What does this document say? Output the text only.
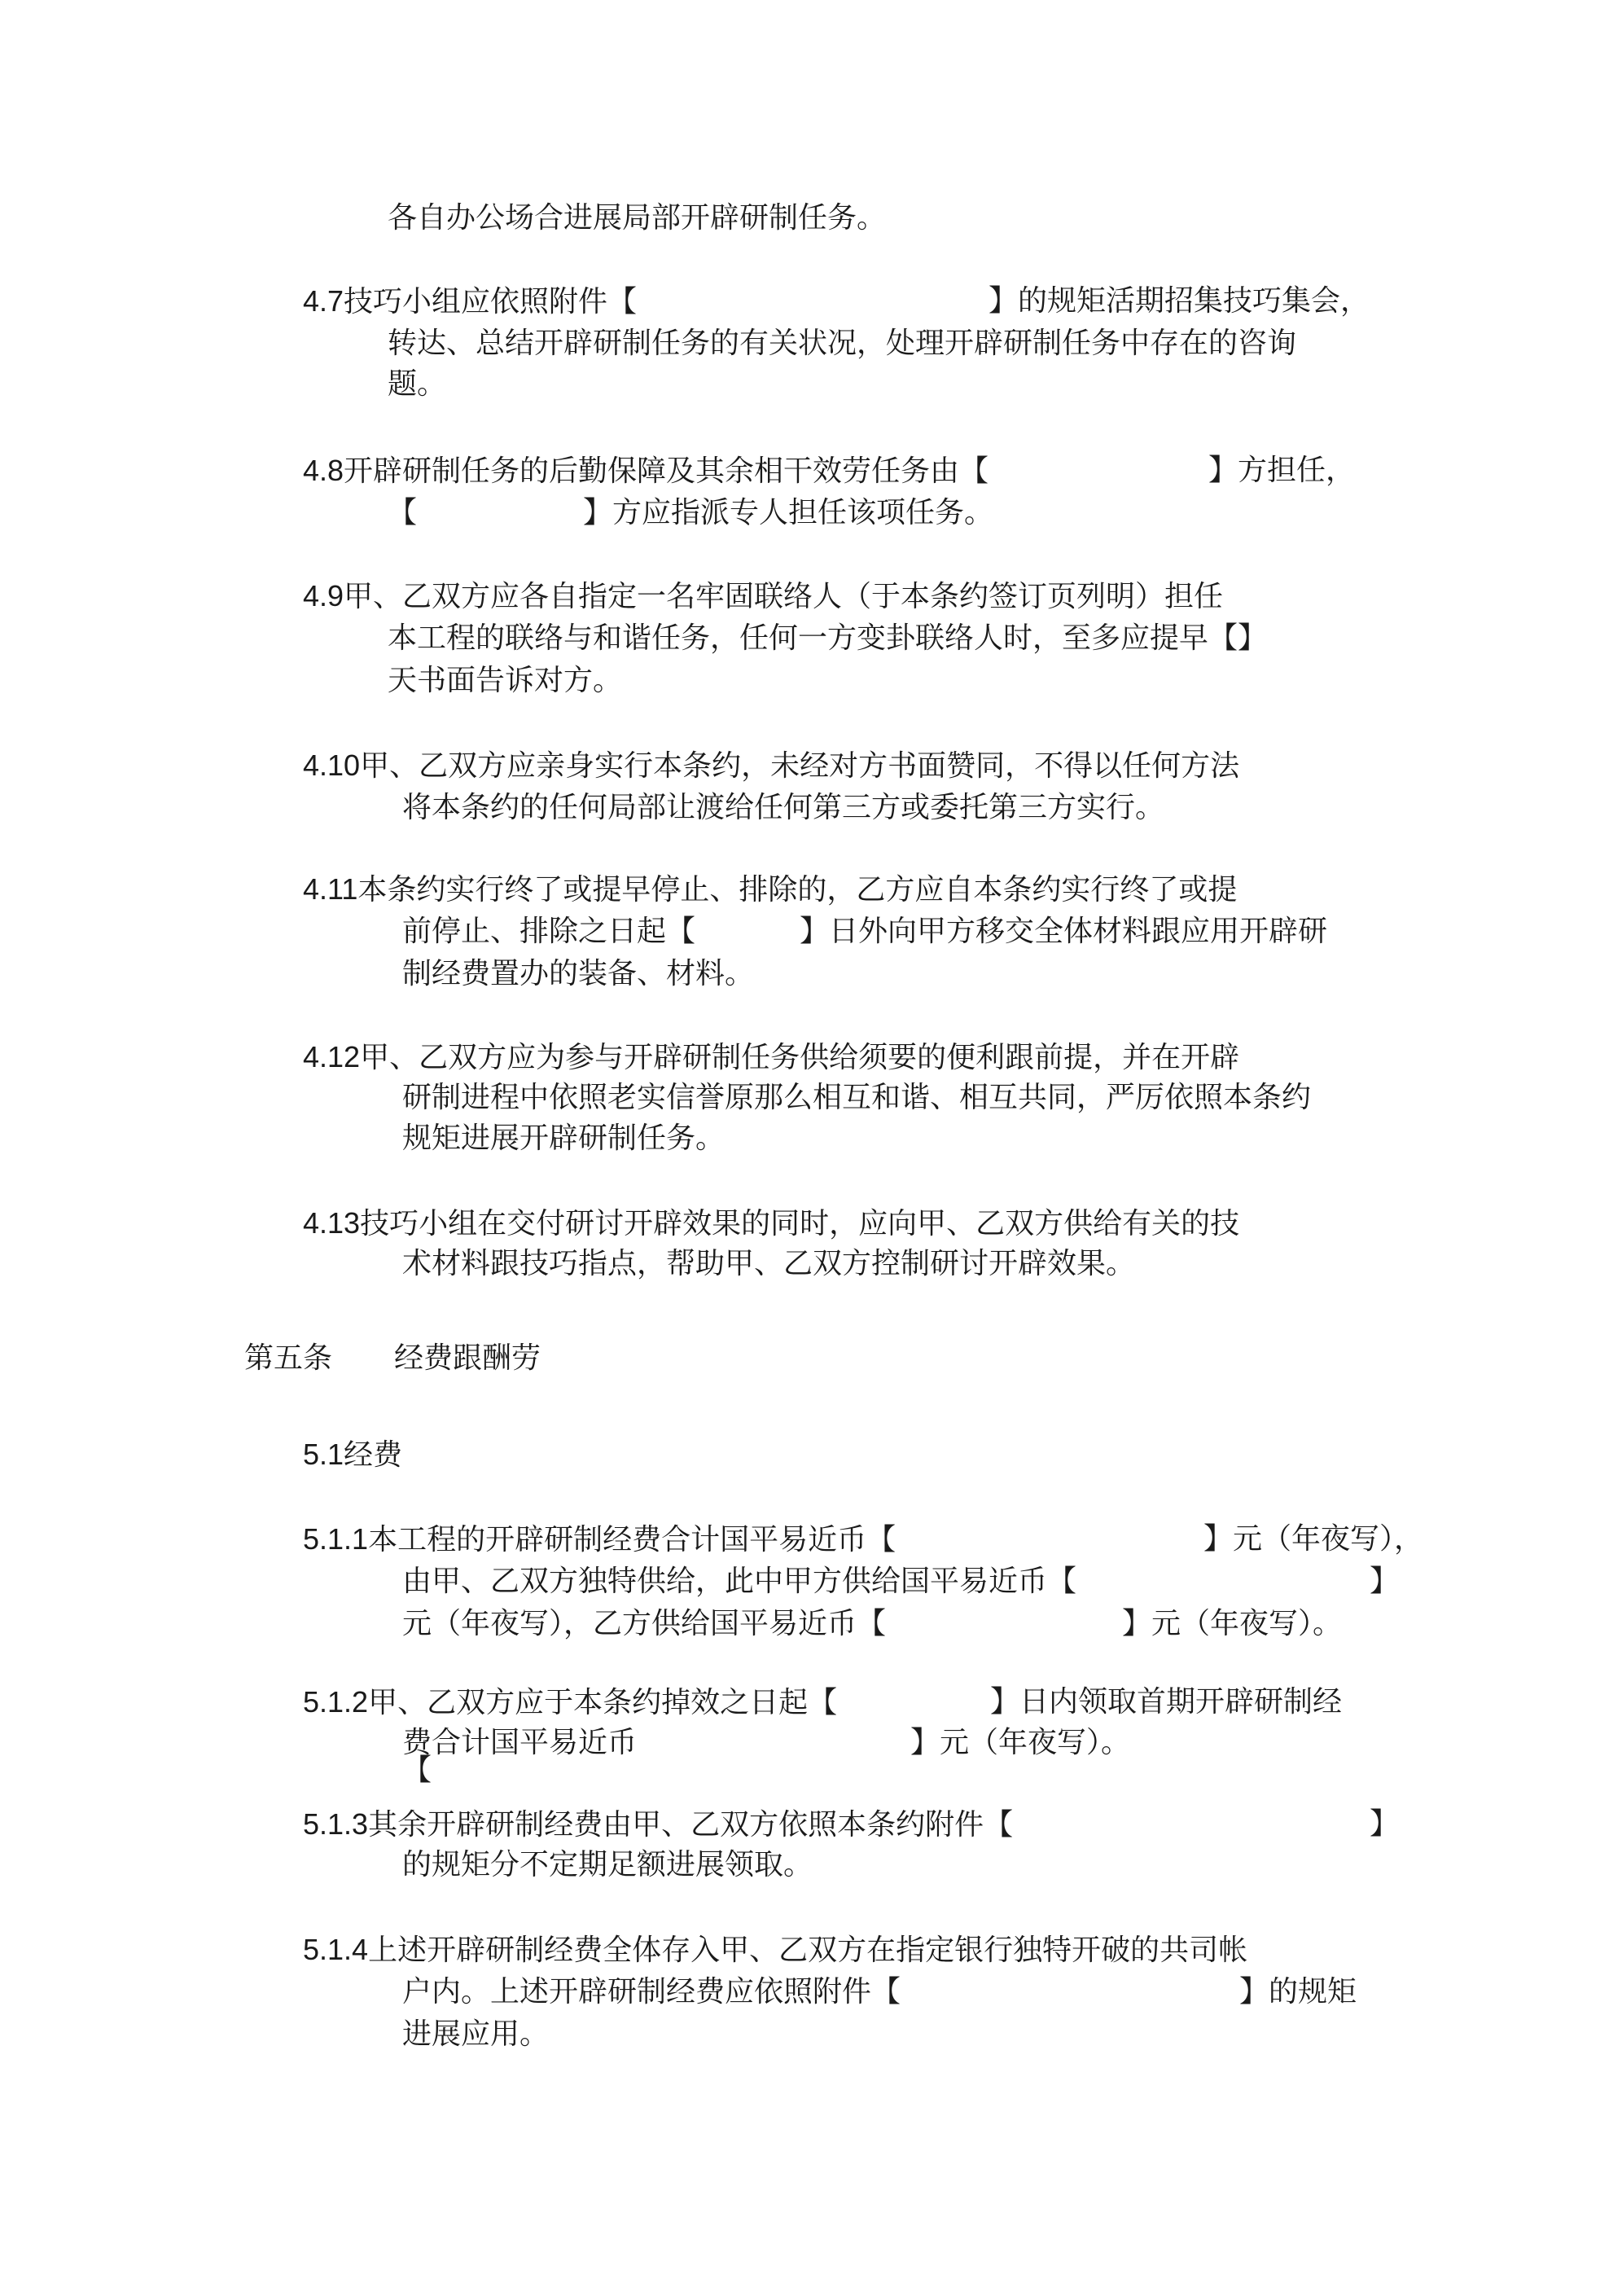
各自办公场合进展局部开辟研制任务。
4.7技巧小组应依照附件【	】的规矩活期招集技巧集会，
转达、总结开辟研制任务的有关状况，处理开辟研制任务中存在的咨询
题。
4.8开辟研制任务的后勤保障及其余相干效劳任务由【	】方担任，
【	】方应指派专人担任该项任务。
4.9甲、乙双方应各自指定一名牢固联络人（于本条约签订页列明）担任
本工程的联络与和谐任务，任何一方变卦联络人时，至多应提早【】
天书面告诉对方。
4.10甲、乙双方应亲身实行本条约，未经对方书面赞同，不得以任何方法
将本条约的任何局部让渡给任何第三方或委托第三方实行。
4.11本条约实行终了或提早停止、排除的，乙方应自本条约实行终了或提
前停止、排除之日起【	】日外向甲方移交全体材料跟应用开辟研
制经费置办的装备、材料。
4.12甲、乙双方应为参与开辟研制任务供给须要的便利跟前提，并在开辟
研制进程中依照老实信誉原那么相互和谐、相互共同，严厉依照本条约
规矩进展开辟研制任务。
4.13技巧小组在交付研讨开辟效果的同时，应向甲、乙双方供给有关的技
术材料跟技巧指点，帮助甲、乙双方控制研讨开辟效果。
第五条 经费跟酬劳
5.1经费
5.1.1本工程的开辟研制经费合计国平易近币【	】元（年夜写），
由甲、乙双方独特供给，此中甲方供给国平易近币【	】
元（年夜写），乙方供给国平易近币【	】元（年夜写）。
5.1.2甲、乙双方应于本条约掉效之日起【	】日内领取首期开辟研制经
费合计国平易近币	】元（年夜写）。
【
5.1.3其余开辟研制经费由甲、乙双方依照本条约附件【	】
的规矩分不定期足额进展领取。
5.1.4上述开辟研制经费全体存入甲、乙双方在指定银行独特开破的共司帐
户内。上述开辟研制经费应依照附件【	】的规矩
进展应用。
